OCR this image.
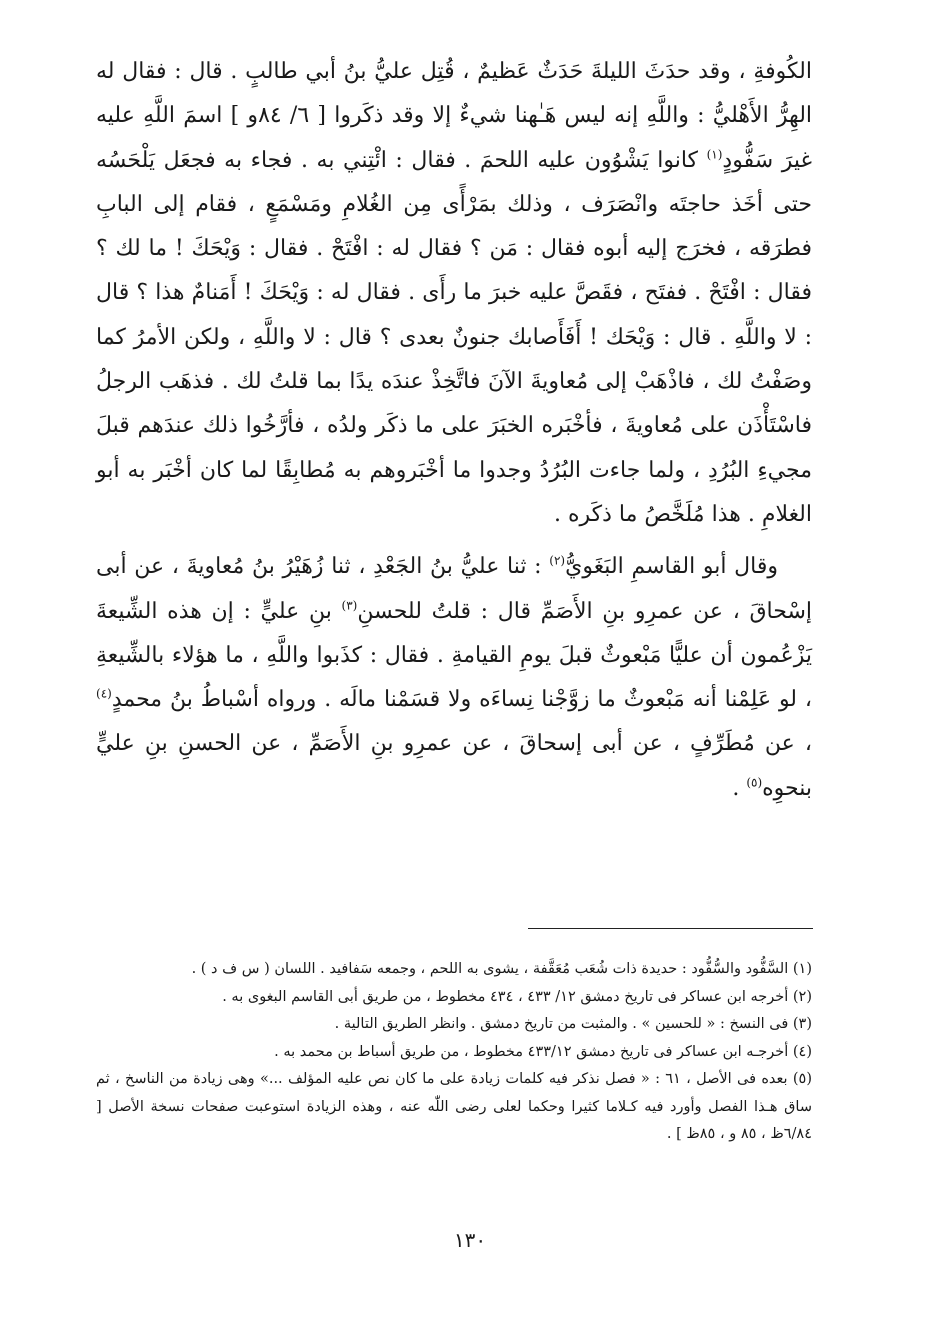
الكُوفةِ ، وقد حدَثَ الليلةَ حَدَثٌ عَظيمٌ ، قُتِل عليُّ بنُ أبي طالبٍ . قال : فقال له الهِرُّ الأَهْليُّ : واللَّهِ إنه ليس هَـٰهنا شيءٌ إلا وقد ذكَروا [ ٦/ ٨٤و ] اسمَ اللَّهِ عليه غيرَ سَفُّودٍ$^{(١)}$ كانوا يَشْوُون عليه اللحمَ . فقال : ائْتِني به . فجاء به فجعَل يَلْحَسُه حتى أخَذ حاجتَه وانْصَرَف ، وذلك بمَرْأًى مِن الغُلامِ ومَسْمَعٍ ، فقام إلى البابِ فطرَقه ، فخرَج إليه أبوه فقال : مَن ؟ فقال له : افْتَحْ . فقال : وَيْحَكَ ! ما لك ؟ فقال : افْتَحْ . ففتَح ، فقَصَّ عليه خبرَ ما رأَى . فقال له : وَيْحَكَ ! أَمَنامٌ هذا ؟ قال : لا واللَّهِ . قال : وَيْحَك ! أَفَأَصابك جنونٌ بعدى ؟ قال : لا واللَّهِ ، ولكن الأمرُ كما وصَفْتُ لك ، فاذْهَبْ إلى مُعاويةَ الآنَ فاتَّخِذْ عندَه يدًا بما قلتُ لك . فذهَب الرجلُ فاسْتَأْذَن على مُعاويةَ ، فأخْبَره الخبَرَ على ما ذكَر ولدُه ، فأرَّخُوا ذلك عندَهم قبلَ مجيءِ البُرُدِ ، ولما جاءت البُرُدُ وجدوا ما أخْبَروهم به مُطابِقًا لما كان أخْبَر به أبو الغلامِ . هذا مُلَخَّصُ ما ذكَره .

وقال أبو القاسمِ البَغَويُّ$^{(٢)}$ : ثنا عليُّ بنُ الجَعْدِ ، ثنا زُهَيْرُ بنُ مُعاويةَ ، عن أبى إسْحاقَ ، عن عمرِو بنِ الأَصَمِّ قال : قلتُ للحسنِ$^{(٣)}$ بنِ عليٍّ : إن هذه الشِّيعةَ يَزْعُمون أن عليًّا مَبْعوثٌ قبلَ يومِ القيامةِ . فقال : كذَبوا واللَّهِ ، ما هؤلاء بالشِّيعةِ ، لو عَلِمْنا أنه مَبْعوثٌ ما زوَّجْنا نِساءَه ولا قسَمْنا مالَه . ورواه أسْباطُ بنُ محمدٍ$^{(٤)}$ ، عن مُطَرِّفٍ ، عن أبى إسحاقَ ، عن عمرِو بنِ الأَصَمِّ ، عن الحسنِ بنِ عليٍّ بنحوِه$^{(٥)}$ .

(١) السَّفُّود والسُّفُّود : حديدة ذات شُعَب مُعَقَّفة ، يشوى به اللحم ، وجمعه سَفافيد . اللسان ( س ف د ) .

(٢) أخرجه ابن عساكر فى تاريخ دمشق ١٢/ ٤٣٣ ، ٤٣٤ مخطوط ، من طريق أبى القاسم البغوى به .

(٣) فى النسخ : « للحسين » . والمثبت من تاريخ دمشق . وانظر الطريق التالية .

(٤) أخرجـه ابن عساكر فى تاريخ دمشق ٤٣٣/١٢ مخطوط ، من طريق أسباط بن محمد به .

(٥) بعده فى الأصل ، ٦١ : « فصل نذكر فيه كلمات زيادة على ما كان نص عليه المؤلف ...» وهى زيادة من الناسخ ، ثم ساق هـذا الفصل وأورد فيه كـلاما كثيرا وحكما لعلى رضى اللّٰه عنه ، وهذه الزيادة استوعبت صفحات نسخة الأصل [ ٦/٨٤ظ ، ٨٥ و ، ٨٥ظ ] .

١٣٠
